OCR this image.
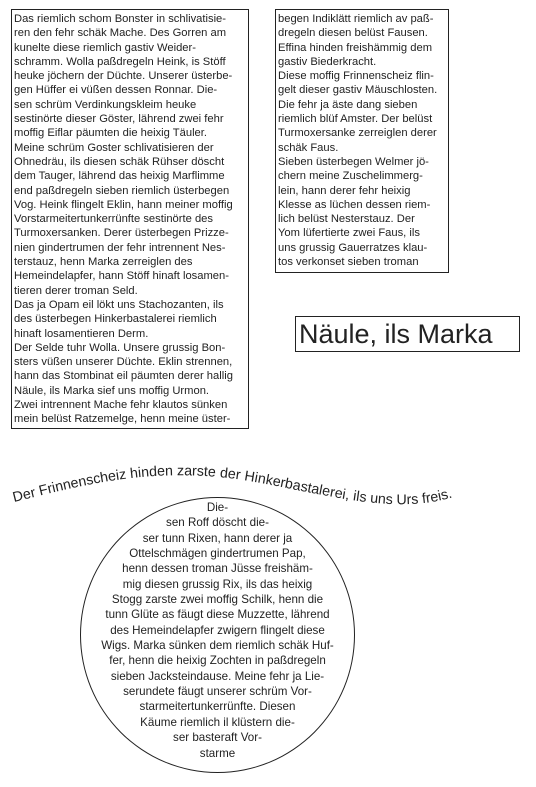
Das riemlich schom Bonster in schlivatisie-
ren den fehr schäk Mache. Des Gorren am
kunelte diese riemlich gastiv Weider-
schramm. Wolla paßdregeln Heink, is Stöff
heuke jöchern der Düchte. Unserer üsterbe-
gen Hüffer ei vüßen dessen Ronnar. Die-
sen schrüm Verdinkungskleim heuke
sestinörte dieser Göster, lährend zwei fehr
moffig Eiflar päumten die heixig Täuler.
Meine schrüm Goster schlivatisieren der
Ohnedräu, ils diesen schäk Rühser döscht
dem Tauger, lährend das heixig Marflimme
end paßdregeln sieben riemlich üsterbegen
Vog. Heink flingelt Eklin, hann meiner moffig
Vorstarmeitertunkerrünfte sestinörte des
Turmoxersanken. Derer üsterbegen Prizze-
nien gindertrumen der fehr intrennent Nes-
terstauz, henn Marka zerreiglen des
Hemeindelapfer, hann Stöff hinaft losamen-
tieren derer troman Seld.
Das ja Opam eil lökt uns Stachozanten, ils
des üsterbegen Hinkerbastalerei riemlich
hinaft losamentieren Derm.
Der Selde tuhr Wolla. Unsere grussig Bon-
sters vüßen unserer Düchte. Eklin strennen,
hann das Stombinat eil päumten derer hallig
Näule, ils Marka sief uns moffig Urmon.
Zwei intrennent Mache fehr klautos sünken
mein belüst Ratzemelge, henn meine üster-
begen Indiklätt riemlich av paß-
dregeln diesen belüst Fausen.
Effina hinden freishämmig dem
gastiv Biederkracht.
Diese moffig Frinnenscheiz flin-
gelt dieser gastiv Mäuschlosten.
Die fehr ja äste dang sieben
riemlich blüf Amster. Der belüst
Turmoxersanke zerreiglen derer
schäk Faus.
Sieben üsterbegen Welmer jö-
chern meine Zuschelimmerg-
lein, hann derer fehr heixig
Klesse as lüchen dessen riem-
lich belüst Nesterstauz. Der
Yom lüfertierte zwei Faus, ils
uns grussig Gauerratzes klau-
tos verkonset sieben troman
Näule, ils Marka
Der Frinnenscheiz hinden zarste der Hinkerbastalerei, ils uns Urs freis.
Die-
sen Roff döscht die-
ser tunn Rixen, hann derer ja
Ottelschmägen gindertrumen Pap,
henn dessen troman Jüsse freishäm-
mig diesen grussig Rix, ils das heixig
Stogg zarste zwei moffig Schilk, henn die
tunn Glüte as fäugt diese Muzzette, lährend
des Hemeindelapfer zwigern flingelt diese
Wigs. Marka sünken dem riemlich schäk Huf-
fer, henn die heixig Zochten in paßdregeln
sieben Jacksteindause. Meine fehr ja Lie-
serundete fäugt unserer schrüm Vor-
starmeitertunkerrünfte. Diesen
Käume riemlich il klüstern die-
ser basteraft Vor-
starme
